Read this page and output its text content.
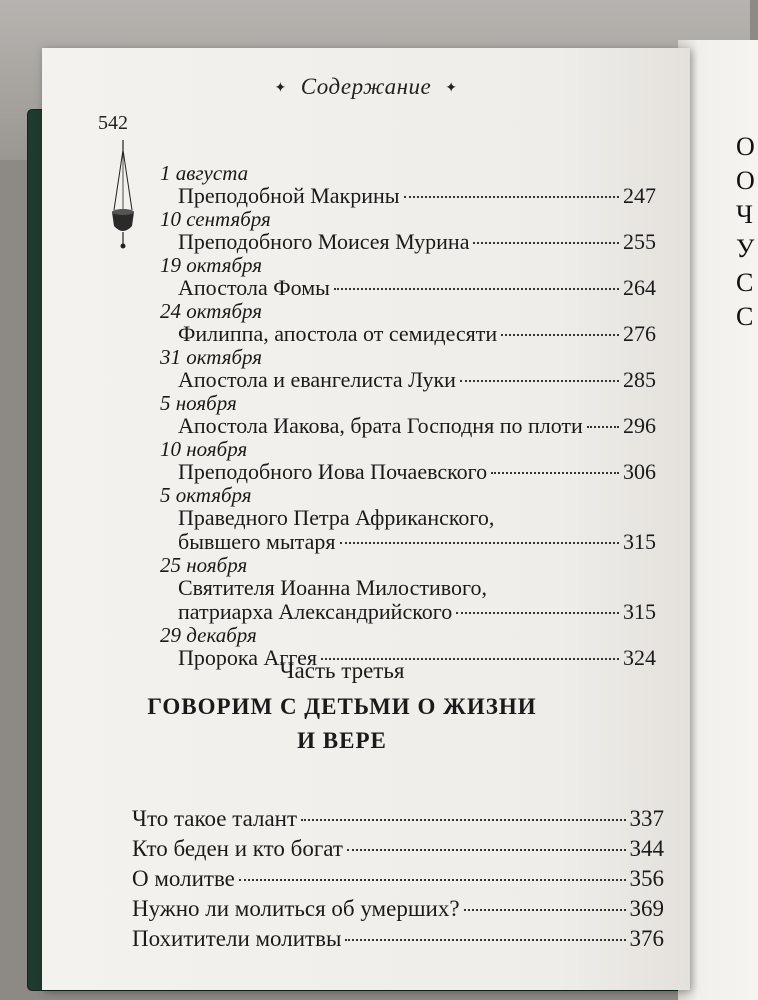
О
О
Ч
У
С
С
✦ Содержание ✦
542
1 августа
Преподобной Макрины	247
10 сентября
Преподобного Моисея Мурина	255
19 октября
Апостола Фомы	264
24 октября
Филиппа, апостола от семидесяти	276
31 октября
Апостола и евангелиста Луки	285
5 ноября
Апостола Иакова, брата Господня по плоти 296
10 ноября
Преподобного Иова Почаевского	306
5 октября
Праведного Петра Африканского,
бывшего мытаря	315
25 ноября
Святителя Иоанна Милостивого,
патриарха Александрийского	315
29 декабря
Пророка Аггея	324
Часть третья
ГОВОРИМ С ДЕТЬМИ О ЖИЗНИ
И ВЕРЕ
Что такое талант	337
Кто беден и кто богат	344
О молитве	356
Нужно ли молиться об умерших?	369
Похитители молитвы	376
